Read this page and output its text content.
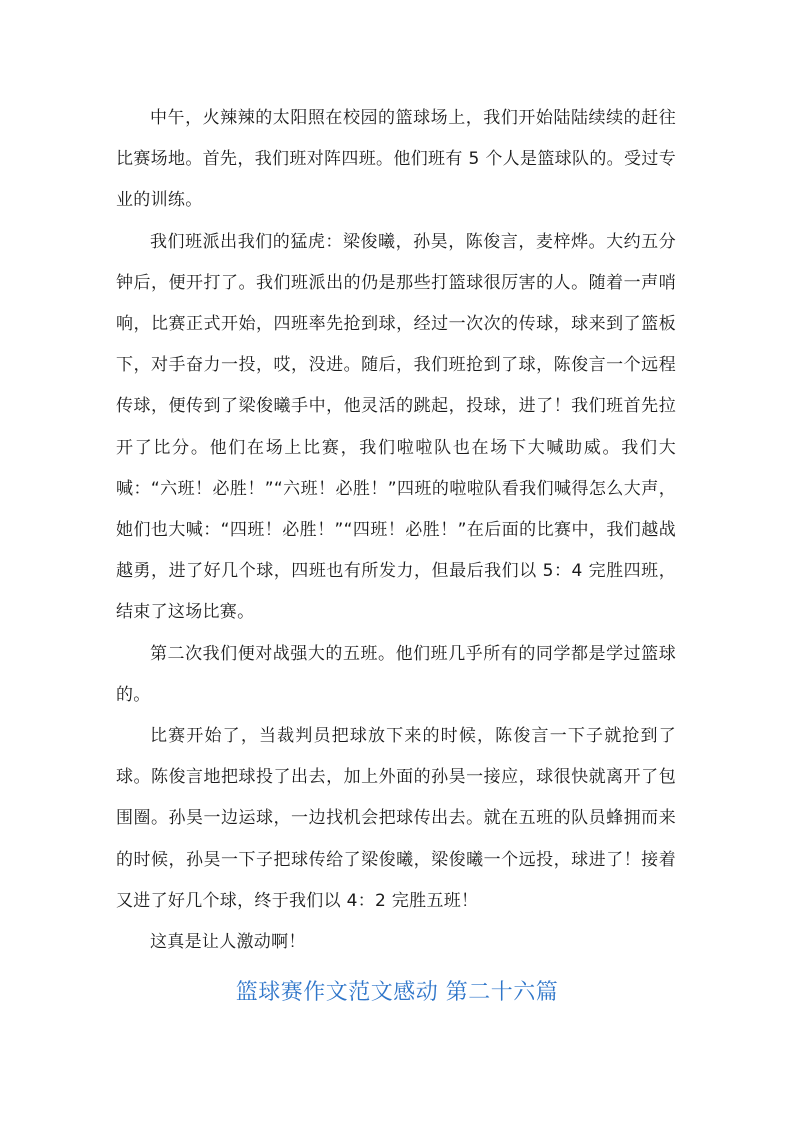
中午，火辣辣的太阳照在校园的篮球场上，我们开始陆陆续续的赶往比赛场地。首先，我们班对阵四班。他们班有 5 个人是篮球队的。受过专业的训练。

我们班派出我们的猛虎：梁俊曦，孙昊，陈俊言，麦梓烨。大约五分钟后，便开打了。我们班派出的仍是那些打篮球很厉害的人。随着一声哨响，比赛正式开始，四班率先抢到球，经过一次次的传球，球来到了篮板下，对手奋力一投，哎，没进。随后，我们班抢到了球，陈俊言一个远程传球，便传到了梁俊曦手中，他灵活的跳起，投球，进了！我们班首先拉开了比分。他们在场上比赛，我们啦啦队也在场下大喊助威。我们大喊：“六班！必胜！”“六班！必胜！”四班的啦啦队看我们喊得怎么大声，她们也大喊：“四班！必胜！”“四班！必胜！”在后面的比赛中，我们越战越勇，进了好几个球，四班也有所发力，但最后我们以 5：4 完胜四班，结束了这场比赛。

第二次我们便对战强大的五班。他们班几乎所有的同学都是学过篮球的。

比赛开始了，当裁判员把球放下来的时候，陈俊言一下子就抢到了球。陈俊言地把球投了出去，加上外面的孙昊一接应，球很快就离开了包围圈。孙昊一边运球，一边找机会把球传出去。就在五班的队员蜂拥而来的时候，孙昊一下子把球传给了梁俊曦，梁俊曦一个远投，球进了！接着又进了好几个球，终于我们以 4：2 完胜五班！

这真是让人激动啊！

篮球赛作文范文感动 第二十六篇
